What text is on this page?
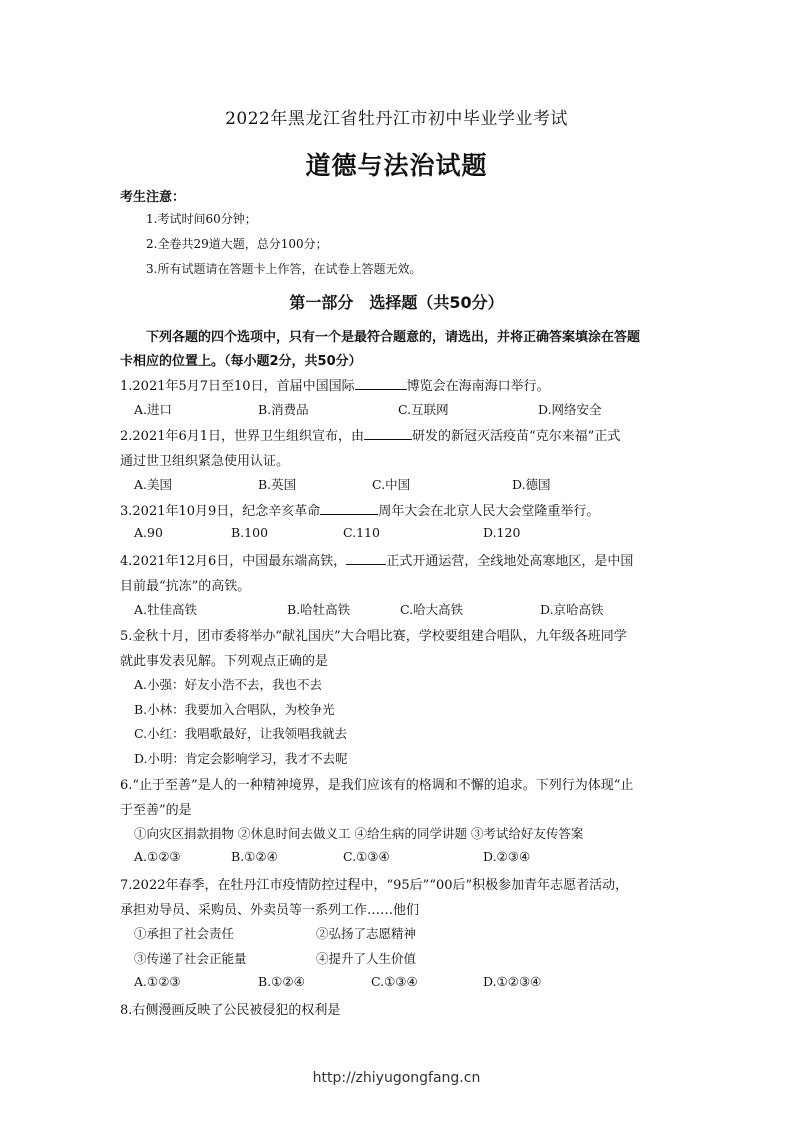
2022年黑龙江省牡丹江市初中毕业学业考试
道德与法治试题
考生注意：
1.考试时间60分钟；
2.全卷共29道大题，总分100分；
3.所有试题请在答题卡上作答，在试卷上答题无效。
第一部分　选择题（共50分）
下列各题的四个选项中，只有一个是最符合题意的，请选出，并将正确答案填涂在答题
卡相应的位置上。（每小题2分，共50分）
1.2021年5月7日至10日，首届中国国际	博览会在海南海口举行。
A.进口	B.消费品	C.互联网	D.网络安全
2.2021年6月1日，世界卫生组织宣布，由	研发的新冠灭活疫苗“克尔来福”正式
通过世卫组织紧急使用认证。
A.美国	B.英国	C.中国	D.德国
3.2021年10月9日，纪念辛亥革命	周年大会在北京人民大会堂隆重举行。
A.90	B.100	C.110	D.120
4.2021年12月6日，中国最东端高铁，	正式开通运营，全线地处高寒地区，是中国
目前最“抗冻”的高铁。
A.牡佳高铁	B.哈牡高铁	C.哈大高铁	D.京哈高铁
5.金秋十月，团市委将举办“献礼国庆”大合唱比赛，学校要组建合唱队，九年级各班同学
就此事发表见解。下列观点正确的是
A.小强：好友小浩不去，我也不去
B.小林：我要加入合唱队，为校争光
C.小红：我唱歌最好，让我领唱我就去
D.小明：肯定会影响学习，我才不去呢
6.“止于至善”是人的一种精神境界，是我们应该有的格调和不懈的追求。下列行为体现“止
于至善”的是
①向灾区捐款捐物 ②休息时间去做义工 ④给生病的同学讲题 ③考试给好友传答案
A.①②③	B.①②④	C.①③④	D.②③④
7.2022年春季，在牡丹江市疫情防控过程中，“95后”“00后”积极参加青年志愿者活动，
承担劝导员、采购员、外卖员等一系列工作……他们
①承担了社会责任	②弘扬了志愿精神
③传递了社会正能量	④提升了人生价值
A.①②③	B.①②④	C.①③④	D.①②③④
8.右侧漫画反映了公民被侵犯的权利是
http://zhiyugongfang.cn
